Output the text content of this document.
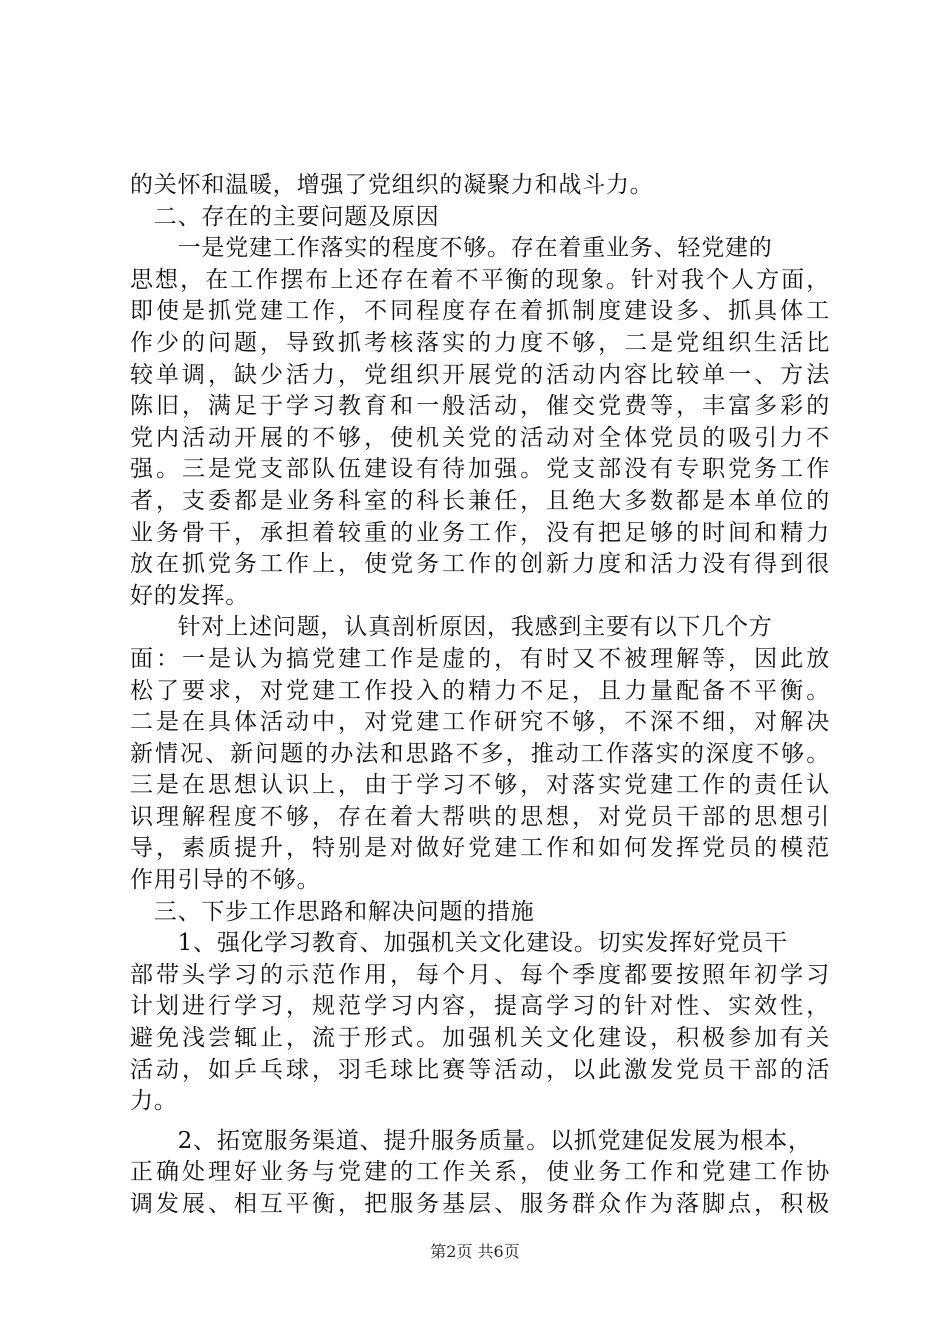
的关怀和温暖，增强了党组织的凝聚力和战斗力。
　二、存在的主要问题及原因
　　一是党建工作落实的程度不够。存在着重业务、轻党建的
思想，在工作摆布上还存在着不平衡的现象。针对我个人方面，
即使是抓党建工作，不同程度存在着抓制度建设多、抓具体工
作少的问题，导致抓考核落实的力度不够，二是党组织生活比
较单调，缺少活力，党组织开展党的活动内容比较单一、方法
陈旧，满足于学习教育和一般活动，催交党费等，丰富多彩的
党内活动开展的不够，使机关党的活动对全体党员的吸引力不
强。三是党支部队伍建设有待加强。党支部没有专职党务工作
者，支委都是业务科室的科长兼任，且绝大多数都是本单位的
业务骨干，承担着较重的业务工作，没有把足够的时间和精力
放在抓党务工作上，使党务工作的创新力度和活力没有得到很
好的发挥。
　　针对上述问题，认真剖析原因，我感到主要有以下几个方
面：一是认为搞党建工作是虚的，有时又不被理解等，因此放
松了要求，对党建工作投入的精力不足，且力量配备不平衡。
二是在具体活动中，对党建工作研究不够，不深不细，对解决
新情况、新问题的办法和思路不多，推动工作落实的深度不够。
三是在思想认识上，由于学习不够，对落实党建工作的责任认
识理解程度不够，存在着大帮哄的思想，对党员干部的思想引
导，素质提升，特别是对做好党建工作和如何发挥党员的模范
作用引导的不够。
　三、下步工作思路和解决问题的措施
　　1、强化学习教育、加强机关文化建设。切实发挥好党员干
部带头学习的示范作用，每个月、每个季度都要按照年初学习
计划进行学习，规范学习内容，提高学习的针对性、实效性，
避免浅尝辄止，流于形式。加强机关文化建设，积极参加有关
活动，如乒乓球，羽毛球比赛等活动，以此激发党员干部的活
力。
　　2、拓宽服务渠道、提升服务质量。以抓党建促发展为根本，
正确处理好业务与党建的工作关系，使业务工作和党建工作协
调发展、相互平衡，把服务基层、服务群众作为落脚点，积极
第2页 共6页
